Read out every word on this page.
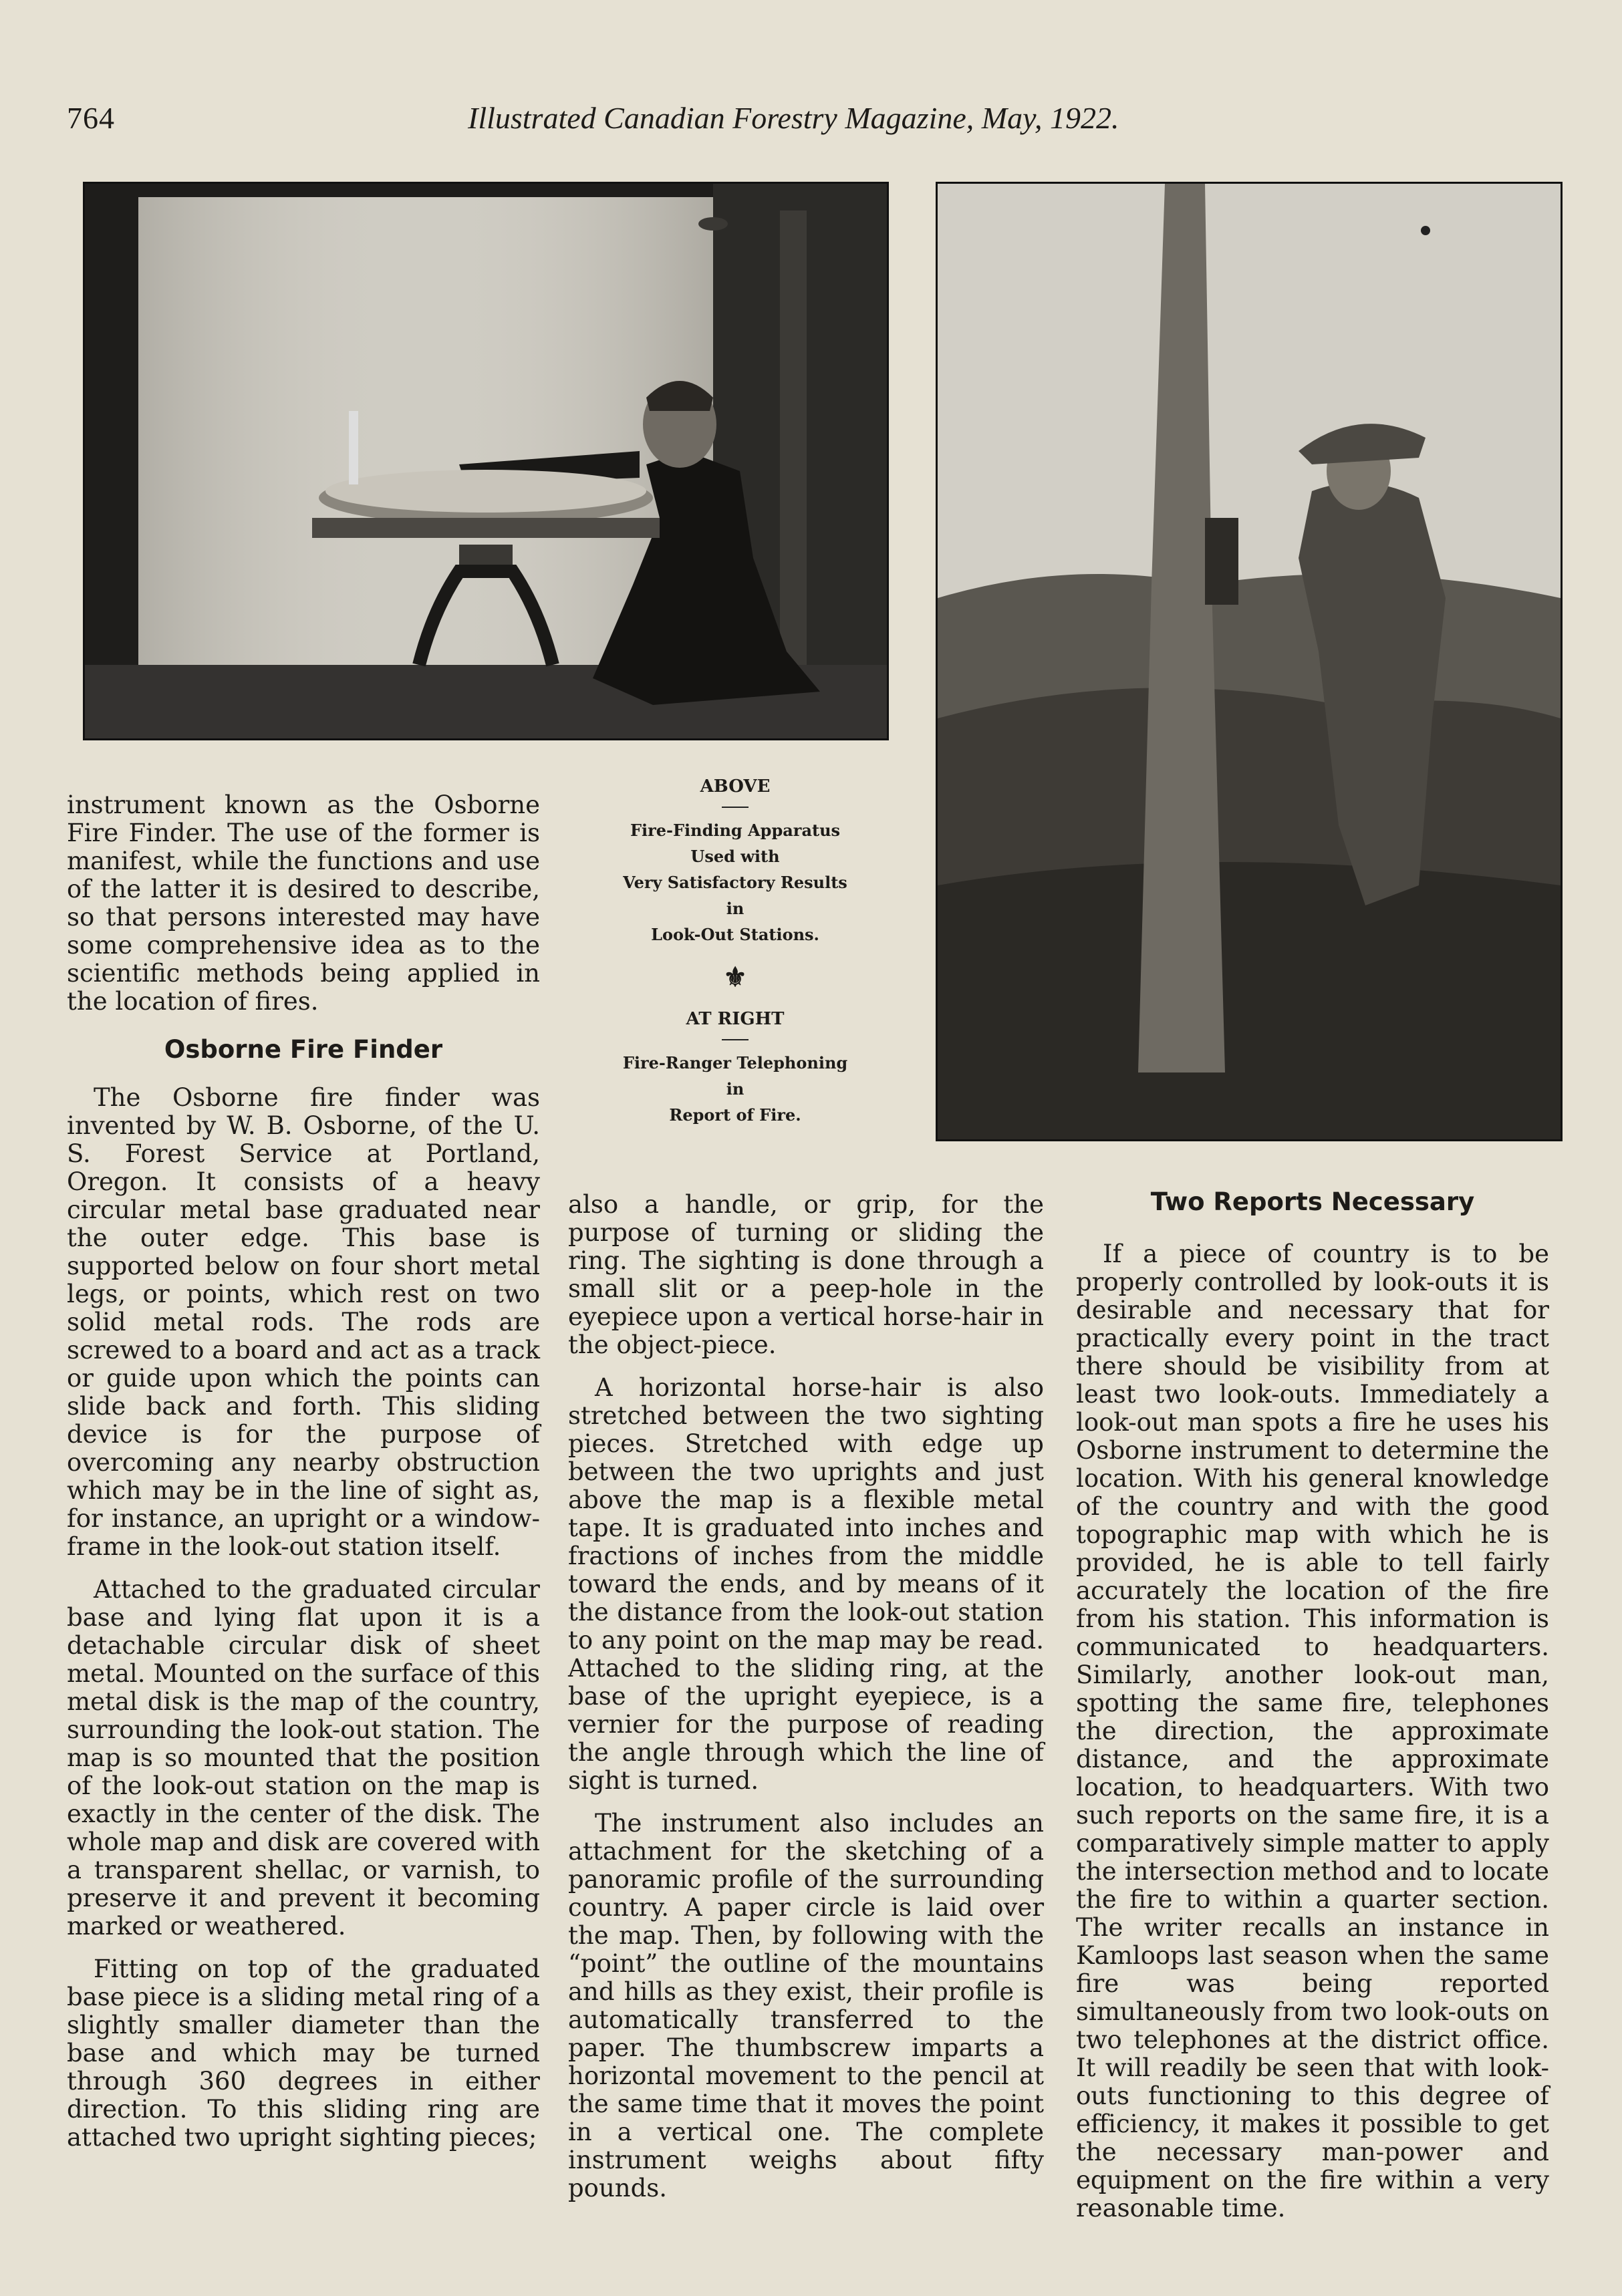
764	Illustrated Canadian Forestry Magazine, May, 1922.
ABOVE
Fire-Finding Apparatus
Used with
Very Satisfactory Results
in
Look-Out Stations.
⚜
AT RIGHT
Fire-Ranger Telephoning
in
Report of Fire.

instrument known as the Osborne Fire Finder. The use of the former is manifest, while the functions and use of the latter it is desired to describe, so that persons interested may have some comprehensive idea as to the scientific methods being applied in the location of fires.

Osborne Fire Finder

The Osborne fire finder was invented by W. B. Osborne, of the U. S. Forest Service at Portland, Oregon. It consists of a heavy circular metal base graduated near the outer edge. This base is supported below on four short metal legs, or points, which rest on two solid metal rods. The rods are screwed to a board and act as a track or guide upon which the points can slide back and forth. This sliding device is for the purpose of overcoming any nearby obstruction which may be in the line of sight as, for instance, an upright or a window-frame in the look-out station itself.

Attached to the graduated circular base and lying flat upon it is a detachable circular disk of sheet metal. Mounted on the surface of this metal disk is the map of the country, surrounding the look-out station. The map is so mounted that the position of the look-out station on the map is exactly in the center of the disk. The whole map and disk are covered with a transparent shellac, or varnish, to preserve it and prevent it becoming marked or weathered.

Fitting on top of the graduated base piece is a sliding metal ring of a slightly smaller diameter than the base and which may be turned through 360 degrees in either direction. To this sliding ring are attached two upright sighting pieces;

also a handle, or grip, for the purpose of turning or sliding the ring. The sighting is done through a small slit or a peep-hole in the eyepiece upon a vertical horse-hair in the object-piece.

A horizontal horse-hair is also stretched between the two sighting pieces. Stretched with edge up between the two uprights and just above the map is a flexible metal tape. It is graduated into inches and fractions of inches from the middle toward the ends, and by means of it the distance from the look-out station to any point on the map may be read. Attached to the sliding ring, at the base of the upright eyepiece, is a vernier for the purpose of reading the angle through which the line of sight is turned.

The instrument also includes an attachment for the sketching of a panoramic profile of the surrounding country. A paper circle is laid over the map. Then, by following with the “point” the outline of the mountains and hills as they exist, their profile is automatically transferred to the paper. The thumbscrew imparts a horizontal movement to the pencil at the same time that it moves the point in a vertical one. The complete instrument weighs about fifty pounds.

Two Reports Necessary

If a piece of country is to be properly controlled by look-outs it is desirable and necessary that for practically every point in the tract there should be visibility from at least two look-outs. Immediately a look-out man spots a fire he uses his Osborne instrument to determine the location. With his general knowledge of the country and with the good topographic map with which he is provided, he is able to tell fairly accurately the location of the fire from his station. This information is communicated to headquarters. Similarly, another look-out man, spotting the same fire, telephones the direction, the approximate distance, and the approximate location, to headquarters. With two such reports on the same fire, it is a comparatively simple matter to apply the intersection method and to locate the fire to within a quarter section. The writer recalls an instance in Kamloops last season when the same fire was being reported simultaneously from two look-outs on two telephones at the district office. It will readily be seen that with look-outs functioning to this degree of efficiency, it makes it possible to get the necessary man-power and equipment on the fire within a very reasonable time.
